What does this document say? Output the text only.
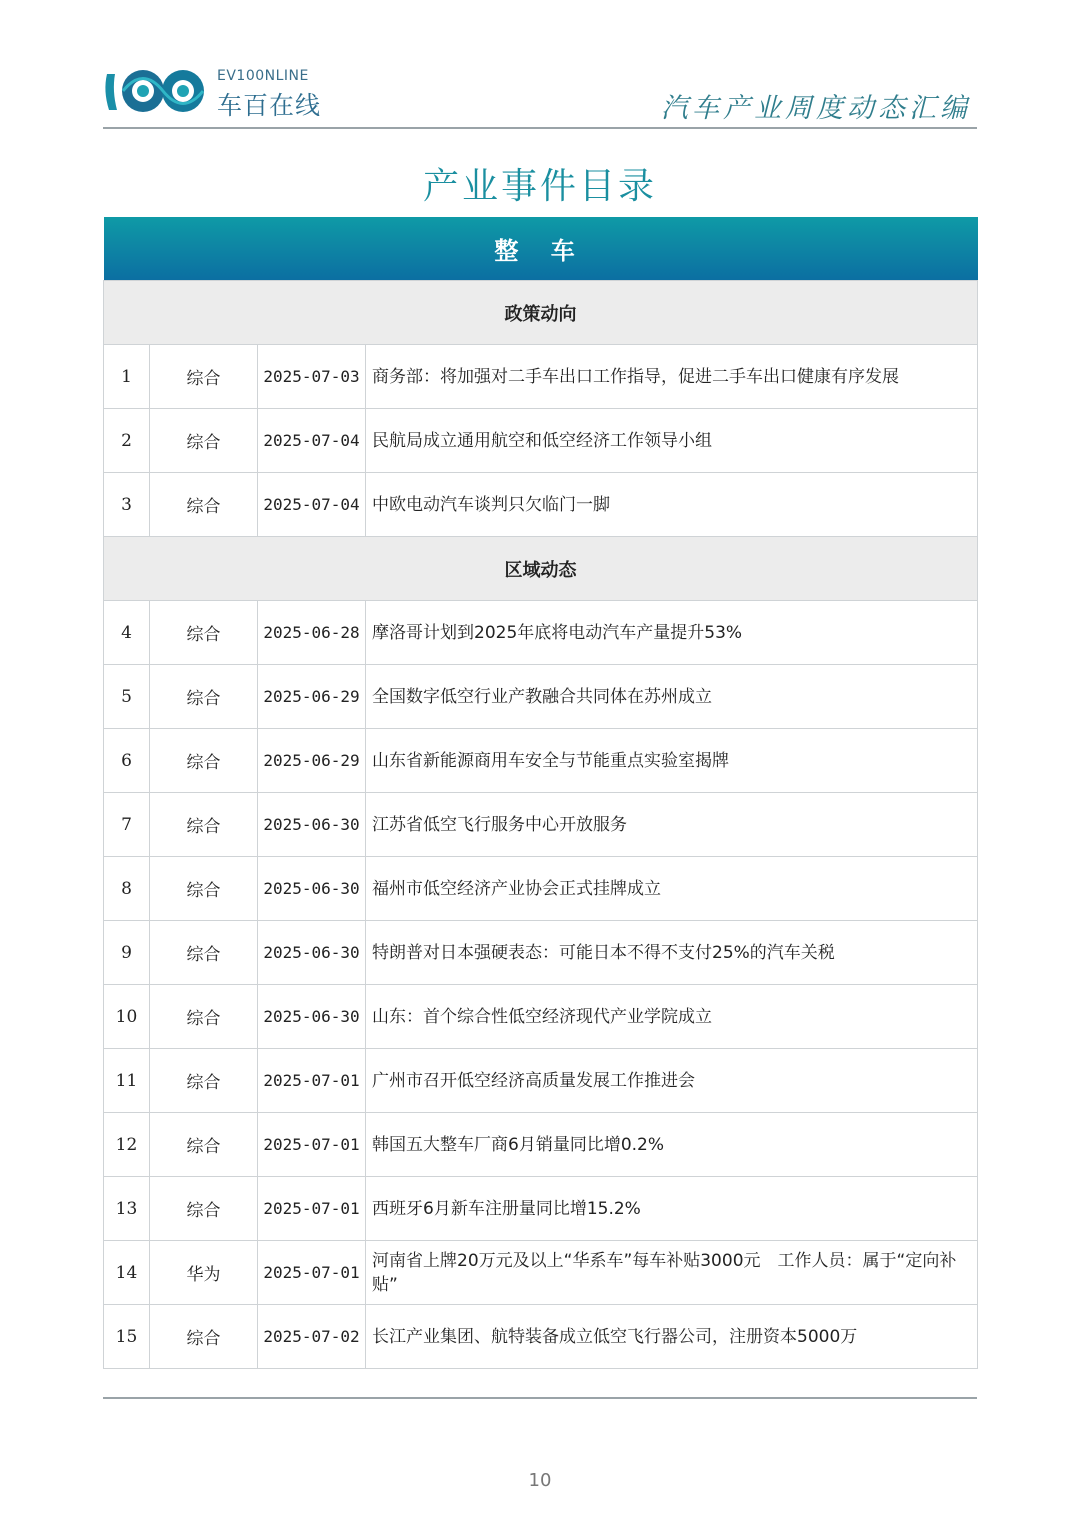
EV100NLINE
车百在线	汽车产业周度动态汇编
产业事件目录
整 车			
政策动向			
1	综合	2025-07-03	商务部：将加强对二手车出口工作指导，促进二手车出口健康有序发展
2	综合	2025-07-04	民航局成立通用航空和低空经济工作领导小组
3	综合	2025-07-04	中欧电动汽车谈判只欠临门一脚
区域动态			
4	综合	2025-06-28	摩洛哥计划到2025年底将电动汽车产量提升53%
5	综合	2025-06-29	全国数字低空行业产教融合共同体在苏州成立
6	综合	2025-06-29	山东省新能源商用车安全与节能重点实验室揭牌
7	综合	2025-06-30	江苏省低空飞行服务中心开放服务
8	综合	2025-06-30	福州市低空经济产业协会正式挂牌成立
9	综合	2025-06-30	特朗普对日本强硬表态：可能日本不得不支付25%的汽车关税
10	综合	2025-06-30	山东：首个综合性低空经济现代产业学院成立
11	综合	2025-07-01	广州市召开低空经济高质量发展工作推进会
12	综合	2025-07-01	韩国五大整车厂商6月销量同比增0.2%
13	综合	2025-07-01	西班牙6月新车注册量同比增15.2%
14	华为	2025-07-01	河南省上牌20万元及以上“华系车”每车补贴3000元　工作人员：属于“定向补贴”
15	综合	2025-07-02	长江产业集团、航特装备成立低空飞行器公司，注册资本5000万
10
